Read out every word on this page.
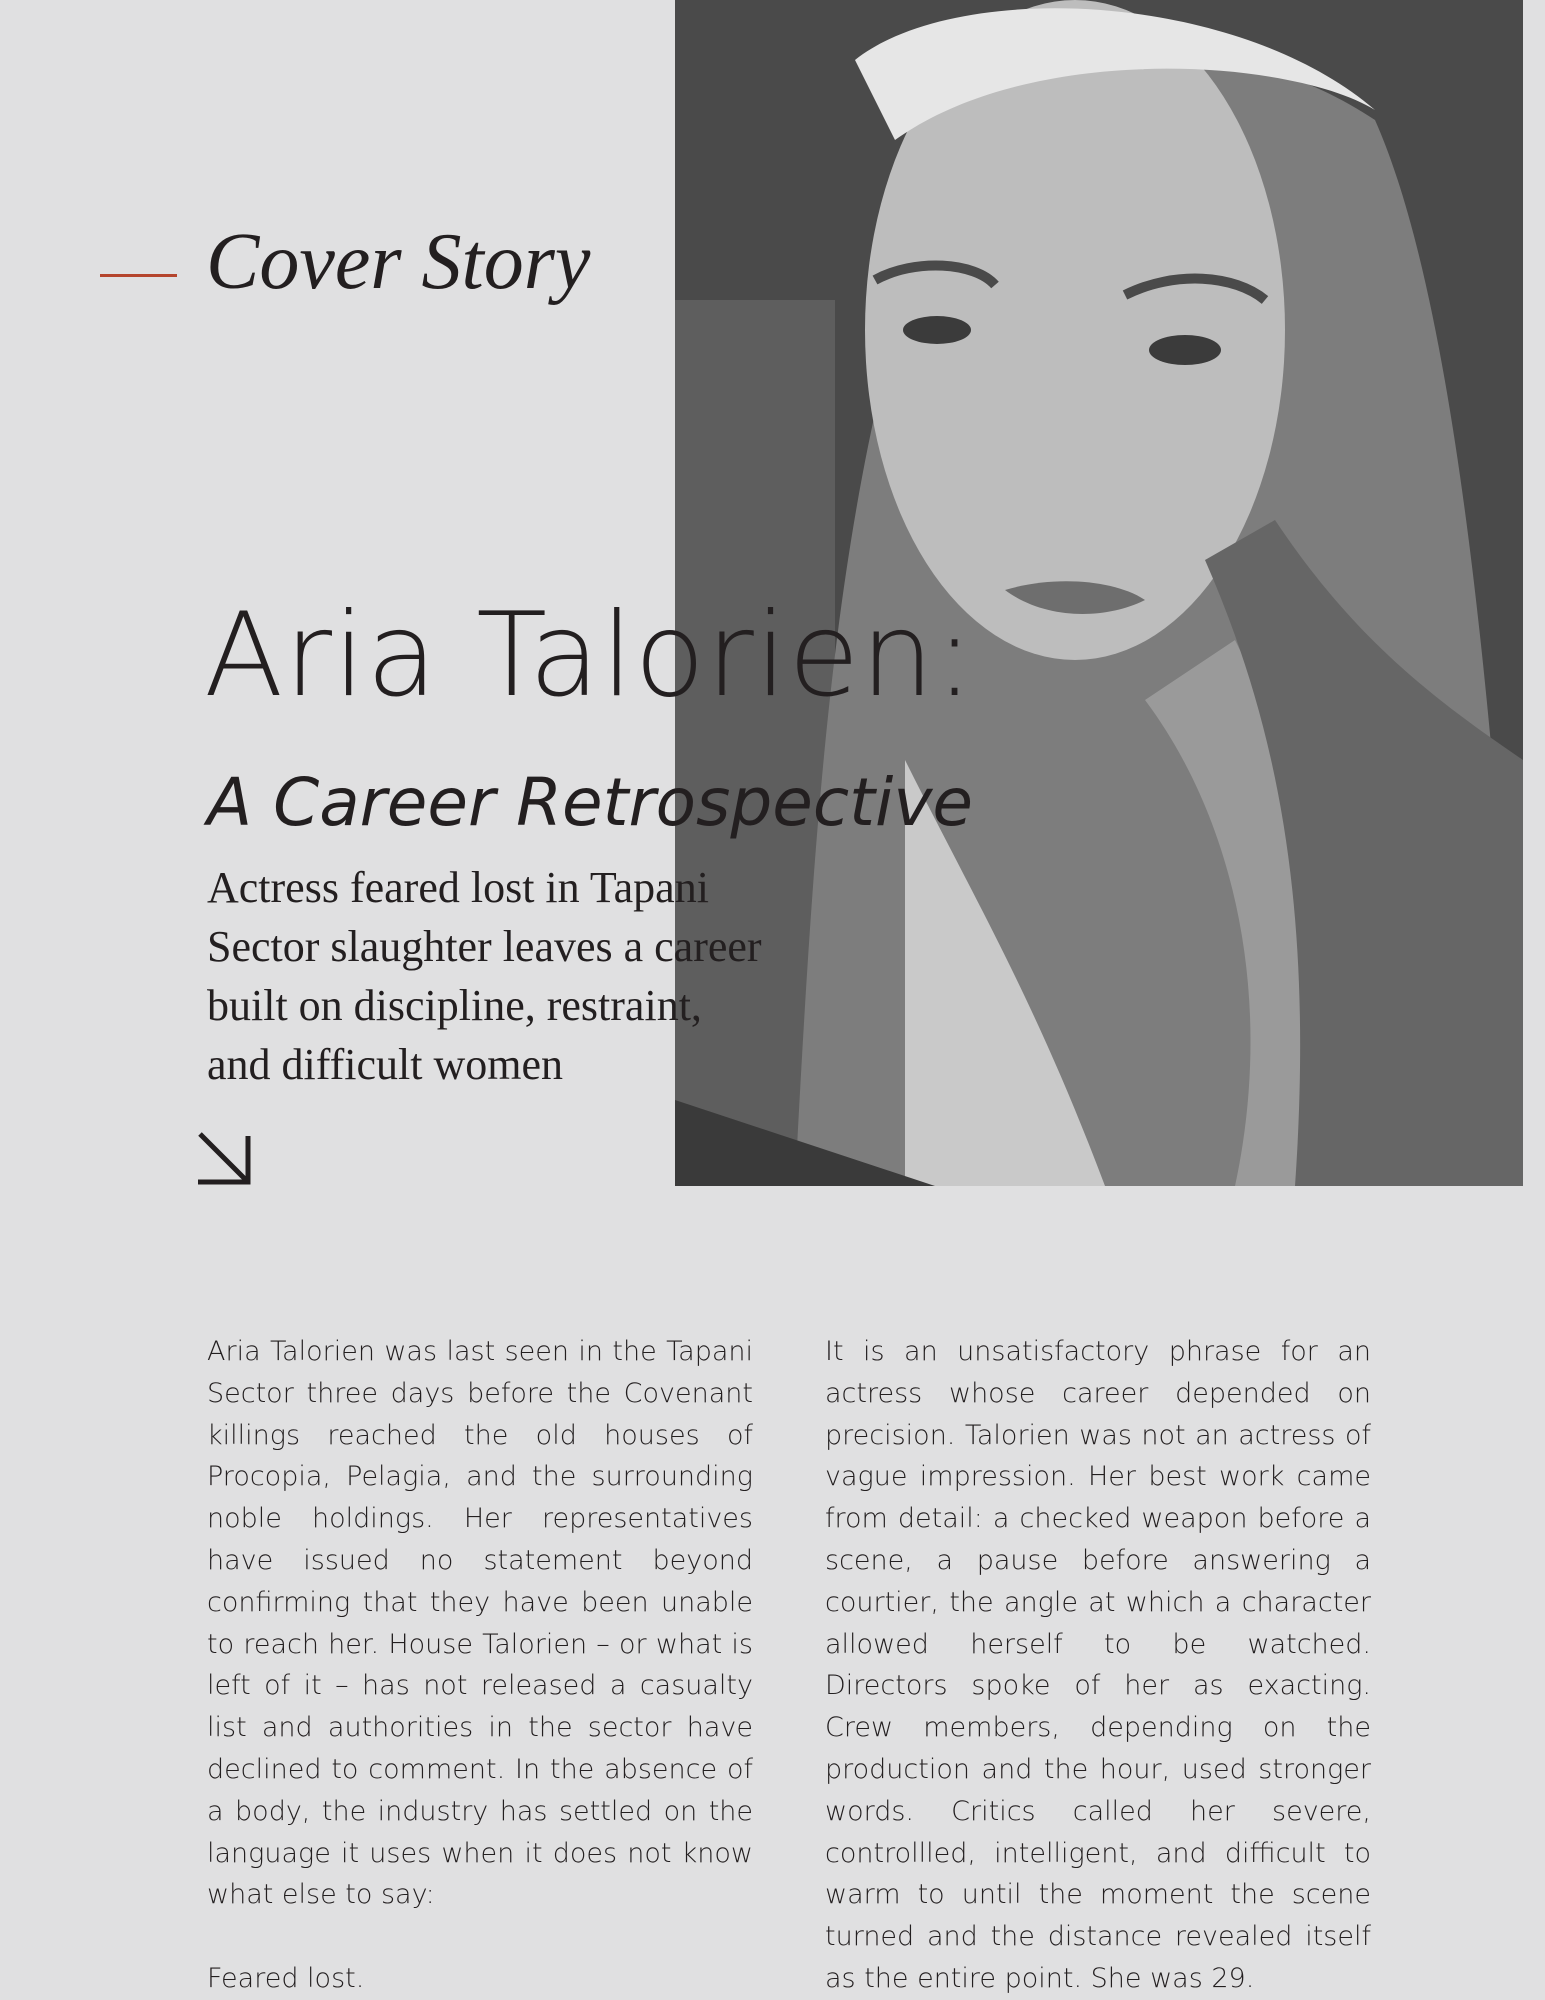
Cover Story
Aria Talorien:
A Career Retrospective
Actress feared lost in Tapani
Sector slaughter leaves a career
built on discipline, restraint,
and difficult women

Aria Talorien was last seen in the Tapani Sector three days before the Covenant killings reached the old houses of Procopia, Pelagia, and the surrounding noble holdings. Her representatives have issued no statement beyond confirming that they have been unable to reach her. House Talorien – or what is left of it – has not released a casualty list and authorities in the sector have declined to comment. In the absence of a body, the industry has settled on the language it uses when it does not know what else to say:

Feared lost.

It is an unsatisfactory phrase for an actress whose career depended on precision. Talorien was not an actress of vague impression. Her best work came from detail: a checked weapon before a scene, a pause before answering a courtier, the angle at which a character allowed herself to be watched. Directors spoke of her as exacting. Crew members, depending on the production and the hour, used stronger words. Critics called her severe, controllled, intelligent, and difficult to warm to until the moment the scene turned and the distance revealed itself as the entire point. She was 29.
